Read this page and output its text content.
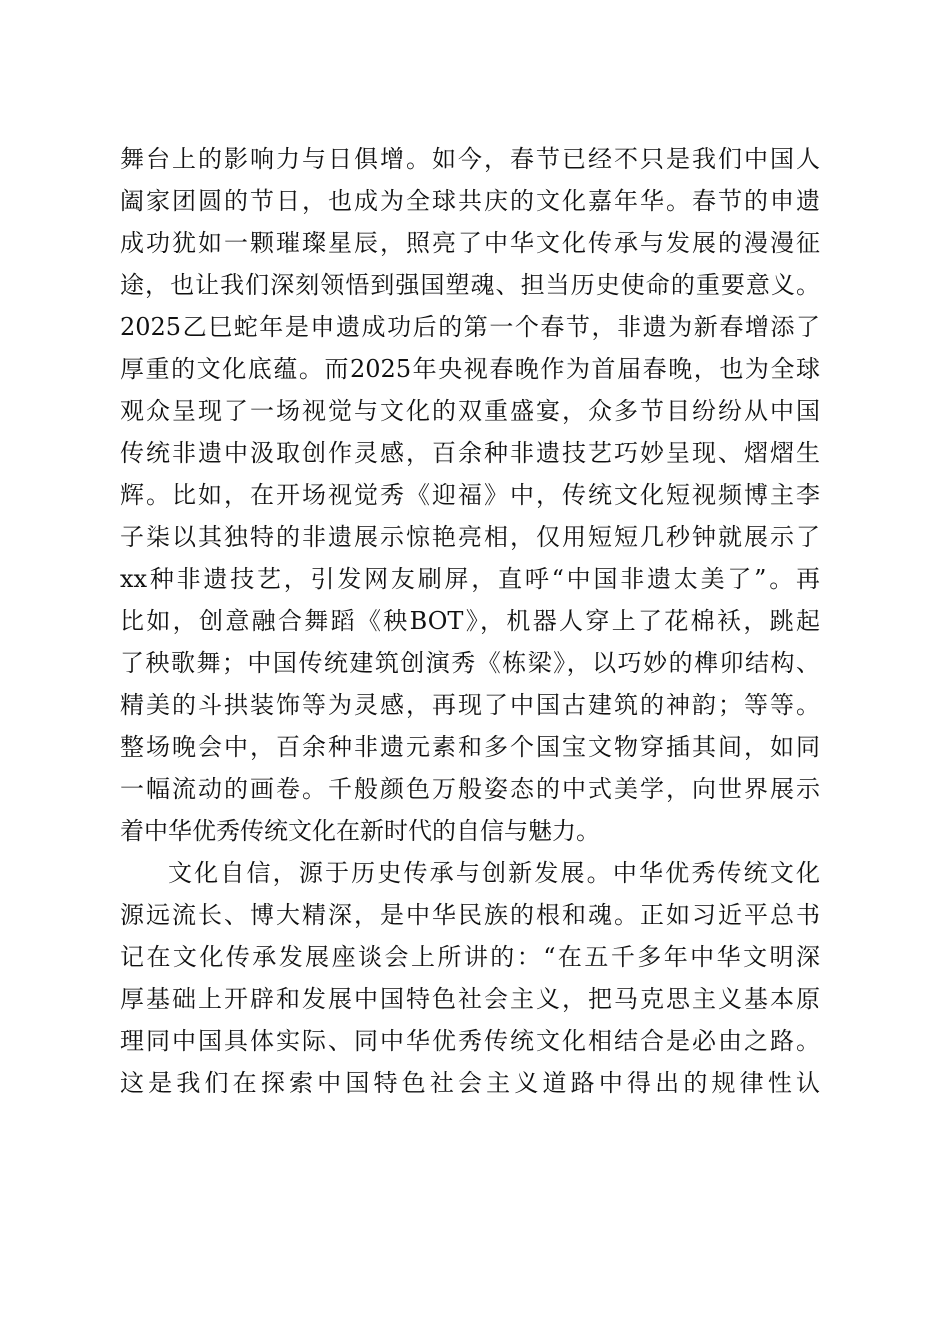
舞台上的影响力与日俱增。如今，春节已经不只是我们中国人
阖家团圆的节日，也成为全球共庆的文化嘉年华。春节的申遗
成功犹如一颗璀璨星辰，照亮了中华文化传承与发展的漫漫征
途，也让我们深刻领悟到强国塑魂、担当历史使命的重要意义。
2025乙巳蛇年是申遗成功后的第一个春节，非遗为新春增添了
厚重的文化底蕴。而2025年央视春晚作为首届春晚，也为全球
观众呈现了一场视觉与文化的双重盛宴，众多节目纷纷从中国
传统非遗中汲取创作灵感，百余种非遗技艺巧妙呈现、熠熠生
辉。比如，在开场视觉秀《迎福》中，传统文化短视频博主李
子柒以其独特的非遗展示惊艳亮相，仅用短短几秒钟就展示了
xx种非遗技艺，引发网友刷屏，直呼“中国非遗太美了”。再
比如，创意融合舞蹈《秧BOT》，机器人穿上了花棉袄，跳起
了秧歌舞；中国传统建筑创演秀《栋梁》，以巧妙的榫卯结构、
精美的斗拱装饰等为灵感，再现了中国古建筑的神韵；等等。
整场晚会中，百余种非遗元素和多个国宝文物穿插其间，如同
一幅流动的画卷。千般颜色万般姿态的中式美学，向世界展示
着中华优秀传统文化在新时代的自信与魅力。
文化自信，源于历史传承与创新发展。中华优秀传统文化
源远流长、博大精深，是中华民族的根和魂。正如习近平总书
记在文化传承发展座谈会上所讲的：“在五千多年中华文明深
厚基础上开辟和发展中国特色社会主义，把马克思主义基本原
理同中国具体实际、同中华优秀传统文化相结合是必由之路。
这是我们在探索中国特色社会主义道路中得出的规律性认
